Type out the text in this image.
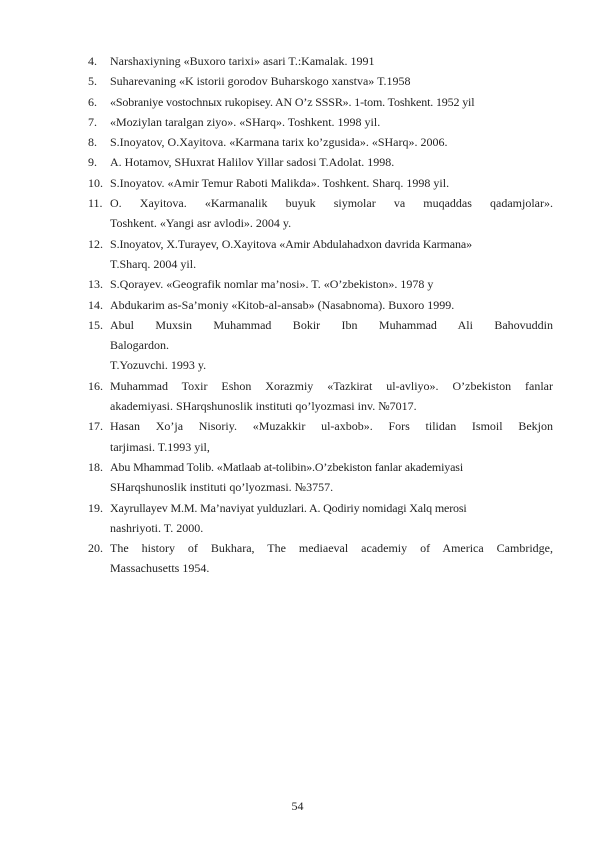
4.	Narshaxiyning «Buxoro tarixi» asari T.:Kamalak. 1991
5.	Suharevaning «K istorii gorodov Buharskogo xanstva» T.1958
6.	«Sobraniye vostochnых rukopisey. AN O’z SSSR». 1-tom. Toshkent. 1952 yil
7.	«Moziylan taralgan ziyo». «SHarq». Toshkent. 1998 yil.
8.	S.Inoyatov, O.Xayitova. «Karmana tarix ko’zgusida». «SHarq». 2006.
9.	A. Hotamov, SHuxrat Halilov Yillar sadosi T.Adolat. 1998.
10. S.Inoyatov. «Amir Temur Raboti Malikda». Toshkent. Sharq. 1998 yil.
11. O. Xayitova. «Karmanalik buyuk siymolar va muqaddas qadamjolar».
Toshkent. «Yangi asr avlodi». 2004 y.
12. S.Inoyatov, X.Turayev, O.Xayitova «Amir Abdulahadxon davrida Karmana»
T.Sharq. 2004 yil.
13. S.Qorayev. «Geografik nomlar ma’nosi». T. «O’zbekiston». 1978 y
14. Abdukarim as-Sa’moniy «Kitob-al-ansab» (Nasabnoma). Buxoro 1999.
15. Abul Muxsin Muhammad Bokir Ibn Muhammad Ali Bahovuddin
Balogardon.
T.Yozuvchi. 1993 y.
16. Muhammad Toxir Eshon Xorazmiy «Tazkirat ul-avliyo». O’zbekiston fanlar
akademiyasi. SHarqshunoslik instituti qo’lyozmasi inv. №7017.
17. Hasan Xo’ja Nisoriy. «Muzakkir ul-axbob». Fors tilidan Ismoil Bekjon
tarjimasi. T.1993 yil,
18. Abu Mhammad Tolib. «Matlaab at-tolibin».O’zbekiston fanlar akademiyasi
SHarqshunoslik instituti qo’lyozmasi. №3757.
19. Xayrullayev M.M. Ma’naviyat yulduzlari. A. Qodiriy nomidagi Xalq merosi
nashriyoti. T. 2000.
20. The history of Bukhara, The mediaeval academiy of America Cambridge,
Massachusetts 1954.
54
